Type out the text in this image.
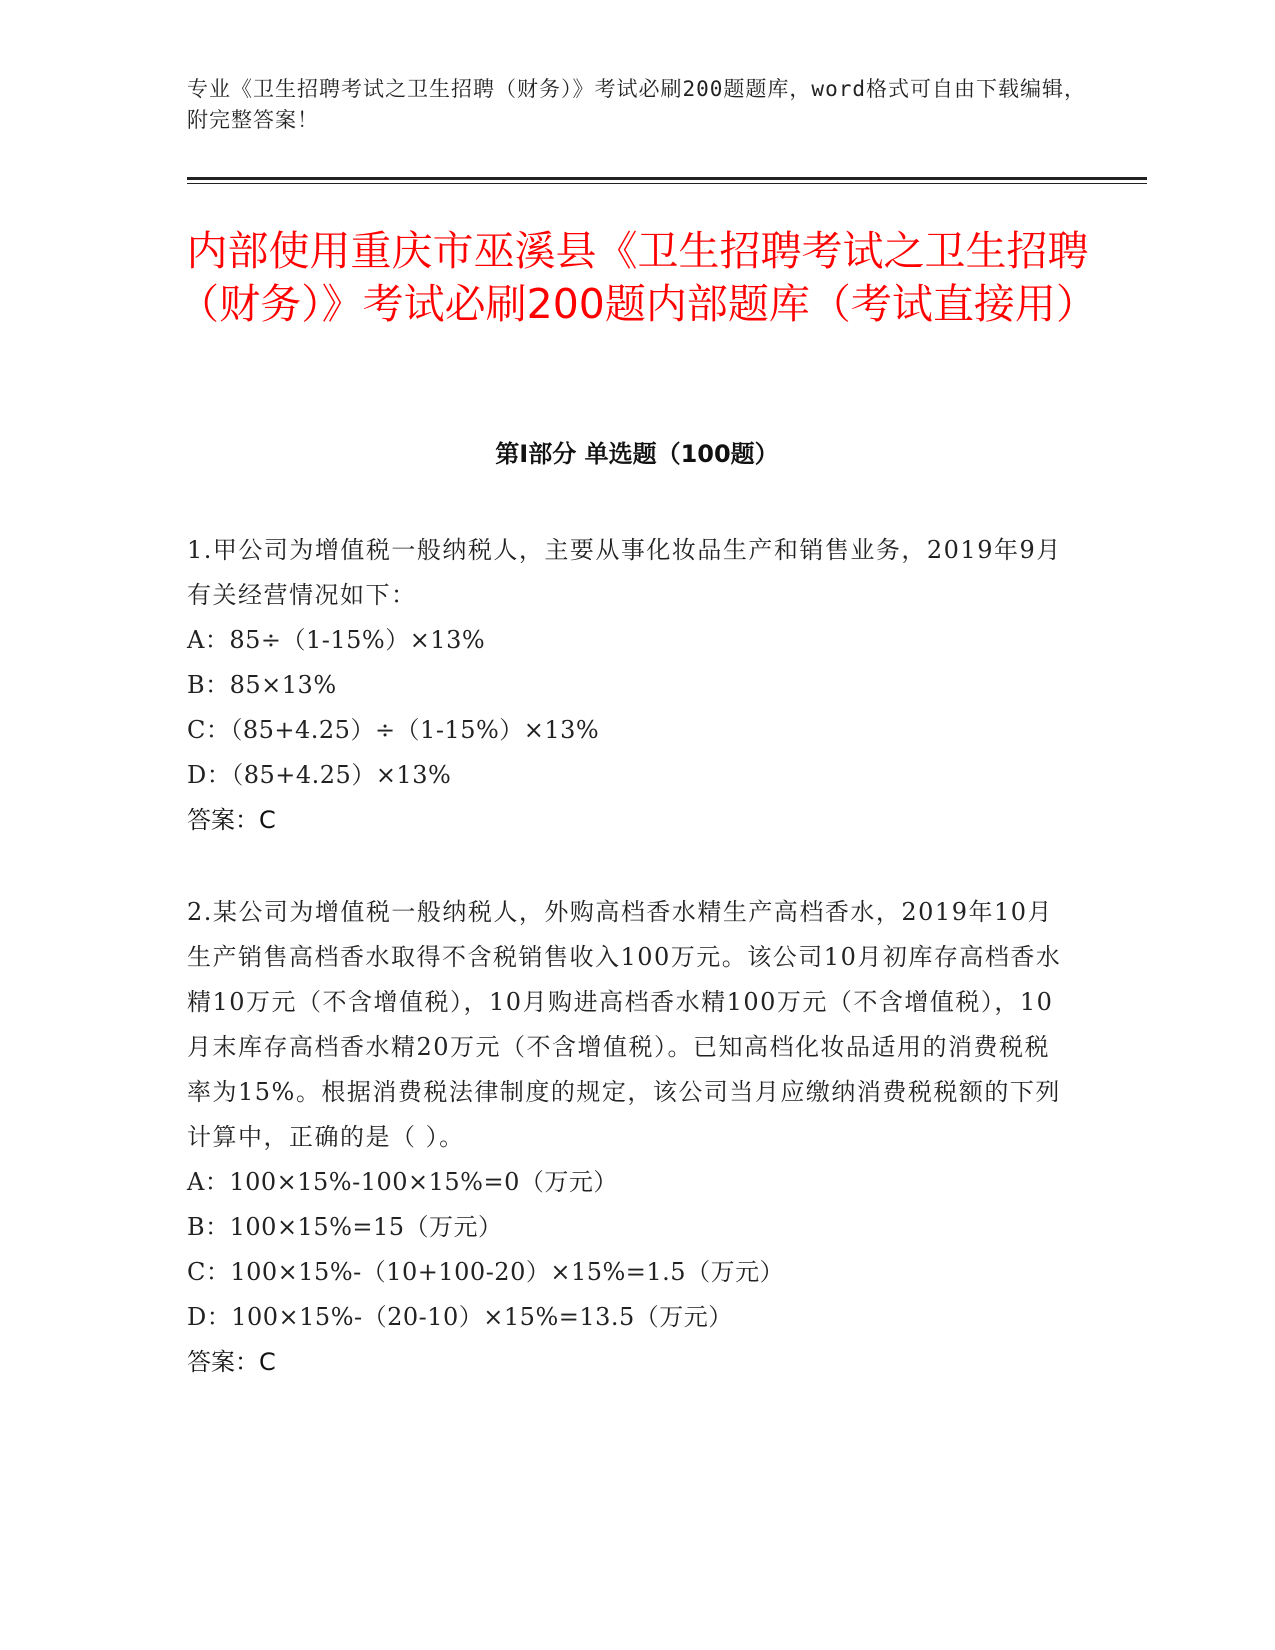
专业《卫生招聘考试之卫生招聘（财务）》考试必刷200题题库，word格式可自由下载编辑，附完整答案！
内部使用重庆市巫溪县《卫生招聘考试之卫生招聘（财务）》考试必刷200题内部题库（考试直接用）
第Ⅰ部分 单选题（100题）

1.甲公司为增值税一般纳税人，主要从事化妆品生产和销售业务，2019年9月有关经营情况如下：

A：85÷（1-15%）×13%

B：85×13%

C：（85+4.25）÷（1-15%）×13%

D：（85+4.25）×13%

答案：C

2.某公司为增值税一般纳税人，外购高档香水精生产高档香水，2019年10月生产销售高档香水取得不含税销售收入100万元。该公司10月初库存高档香水精10万元（不含增值税），10月购进高档香水精100万元（不含增值税），10月末库存高档香水精20万元（不含增值税）。已知高档化妆品适用的消费税税率为15%。根据消费税法律制度的规定，该公司当月应缴纳消费税税额的下列计算中，正确的是（ ）。

A：100×15%-100×15%=0（万元）

B：100×15%=15（万元）

C：100×15%-（10+100-20）×15%=1.5（万元）

D：100×15%-（20-10）×15%=13.5（万元）

答案：C
